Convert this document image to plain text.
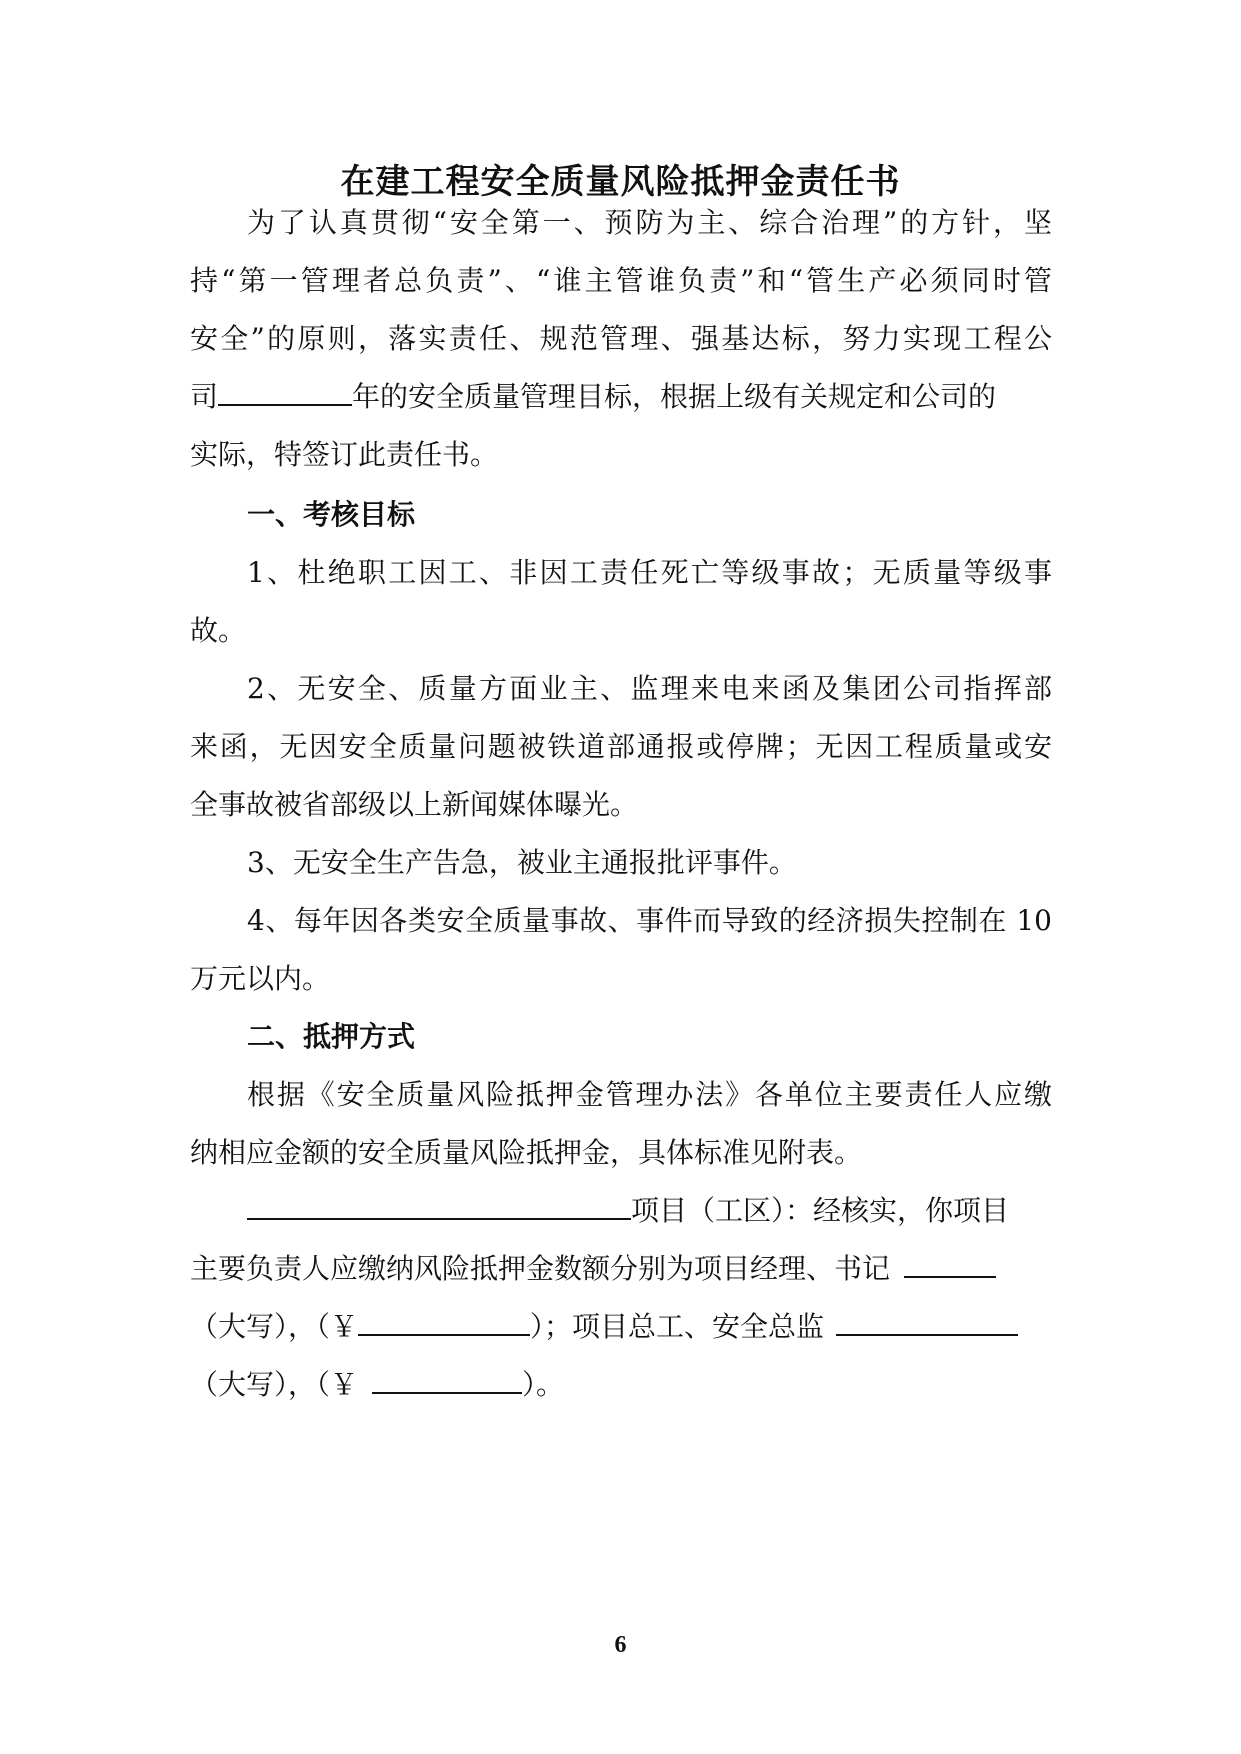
在建工程安全质量风险抵押金责任书
为了认真贯彻“安全第一、预防为主、综合治理”的方针，坚
持“第一管理者总负责”、“谁主管谁负责”和“管生产必须同时管
安全”的原则，落实责任、规范管理、强基达标，努力实现工程公
司	年的安全质量管理目标，根据上级有关规定和公司的
实际，特签订此责任书。
一、考核目标
1、杜绝职工因工、非因工责任死亡等级事故；无质量等级事
故。
2、无安全、质量方面业主、监理来电来函及集团公司指挥部
来函，无因安全质量问题被铁道部通报或停牌；无因工程质量或安
全事故被省部级以上新闻媒体曝光。
3、无安全生产告急，被业主通报批评事件。
4、每年因各类安全质量事故、事件而导致的经济损失控制在 10
万元以内。
二、抵押方式
根据《安全质量风险抵押金管理办法》各单位主要责任人应缴
纳相应金额的安全质量风险抵押金，具体标准见附表。
项目（工区）：经核实，你项目
主要负责人应缴纳风险抵押金数额分别为项目经理、书记
（大写），（￥	）；项目总工、安全总监
（大写），（￥	）。
6
